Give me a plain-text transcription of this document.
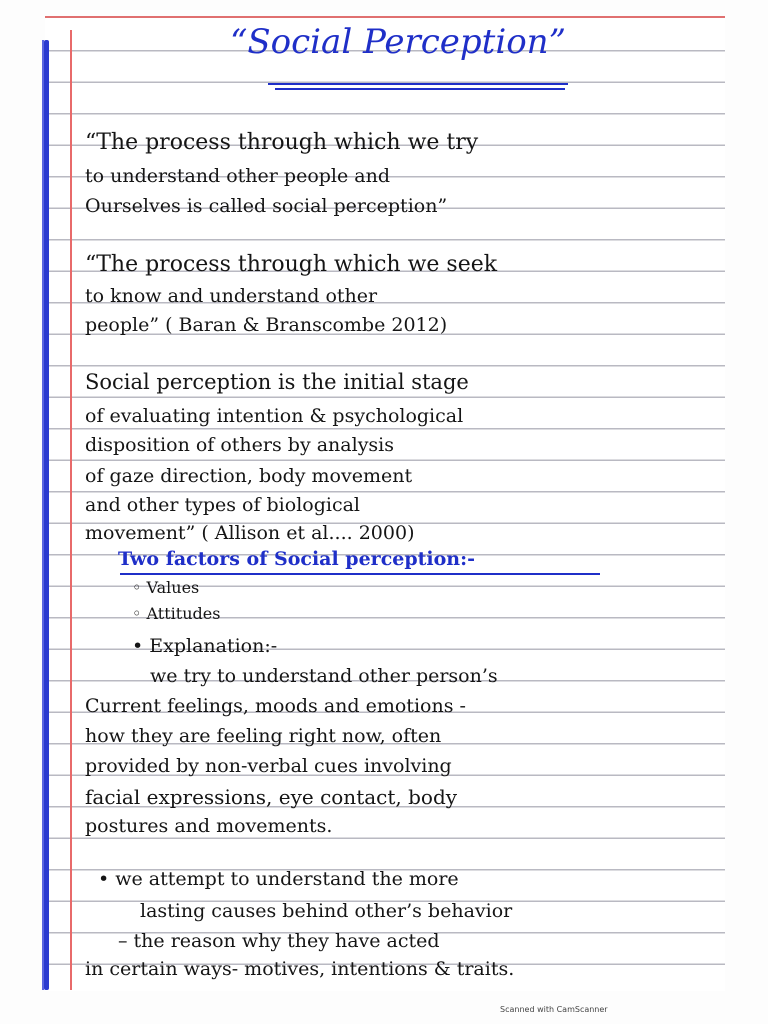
“Social Perception”
“The process through which we try
to understand other people and
Ourselves is called social perception”
“The process through which we seek
to know and understand other
people” ( Baran & Branscombe 2012)
Social perception is the initial stage
of evaluating intention & psychological
disposition of others by analysis
of gaze direction, body movement
and other types of biological
movement” ( Allison et al.... 2000)
Two factors of Social perception:-
◦ Values
◦ Attitudes
• Explanation:-
we try to understand other person’s
Current feelings, moods and emotions -
how they are feeling right now, often
provided by non-verbal cues involving
facial expressions, eye contact, body
postures and movements.
• we attempt to understand the more
lasting causes behind other’s behavior
– the reason why they have acted
in certain ways- motives, intentions & traits.
Scanned with CamScanner
